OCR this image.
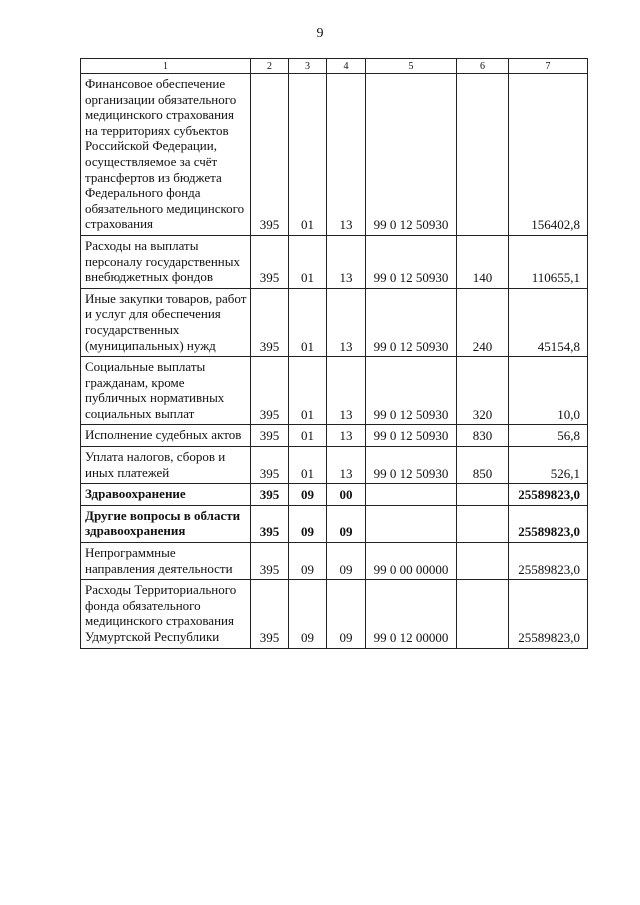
9
1	2	3	4	5	6	7
Финансовое обеспечение организации обязательного медицинского страхования на территориях субъектов Российской Федерации, осуществляемое за счёт трансфертов из бюджета Федерального фонда обязательного медицинского страхования	395	01	13	99 0 12 50930		156402,8
Расходы на выплаты персоналу государственных внебюджетных фондов	395	01	13	99 0 12 50930	140	110655,1
Иные закупки товаров, работ и услуг для обеспечения государственных (муниципальных) нужд	395	01	13	99 0 12 50930	240	45154,8
Социальные выплаты гражданам, кроме публичных нормативных социальных выплат	395	01	13	99 0 12 50930	320	10,0
Исполнение судебных актов	395	01	13	99 0 12 50930	830	56,8
Уплата налогов, сборов и иных платежей	395	01	13	99 0 12 50930	850	526,1
Здравоохранение	395	09	00			25589823,0
Другие вопросы в области здравоохранения	395	09	09			25589823,0
Непрограммные направления деятельности	395	09	09	99 0 00 00000		25589823,0
Расходы Территориального фонда обязательного медицинского страхования Удмуртской Республики	395	09	09	99 0 12 00000		25589823,0
